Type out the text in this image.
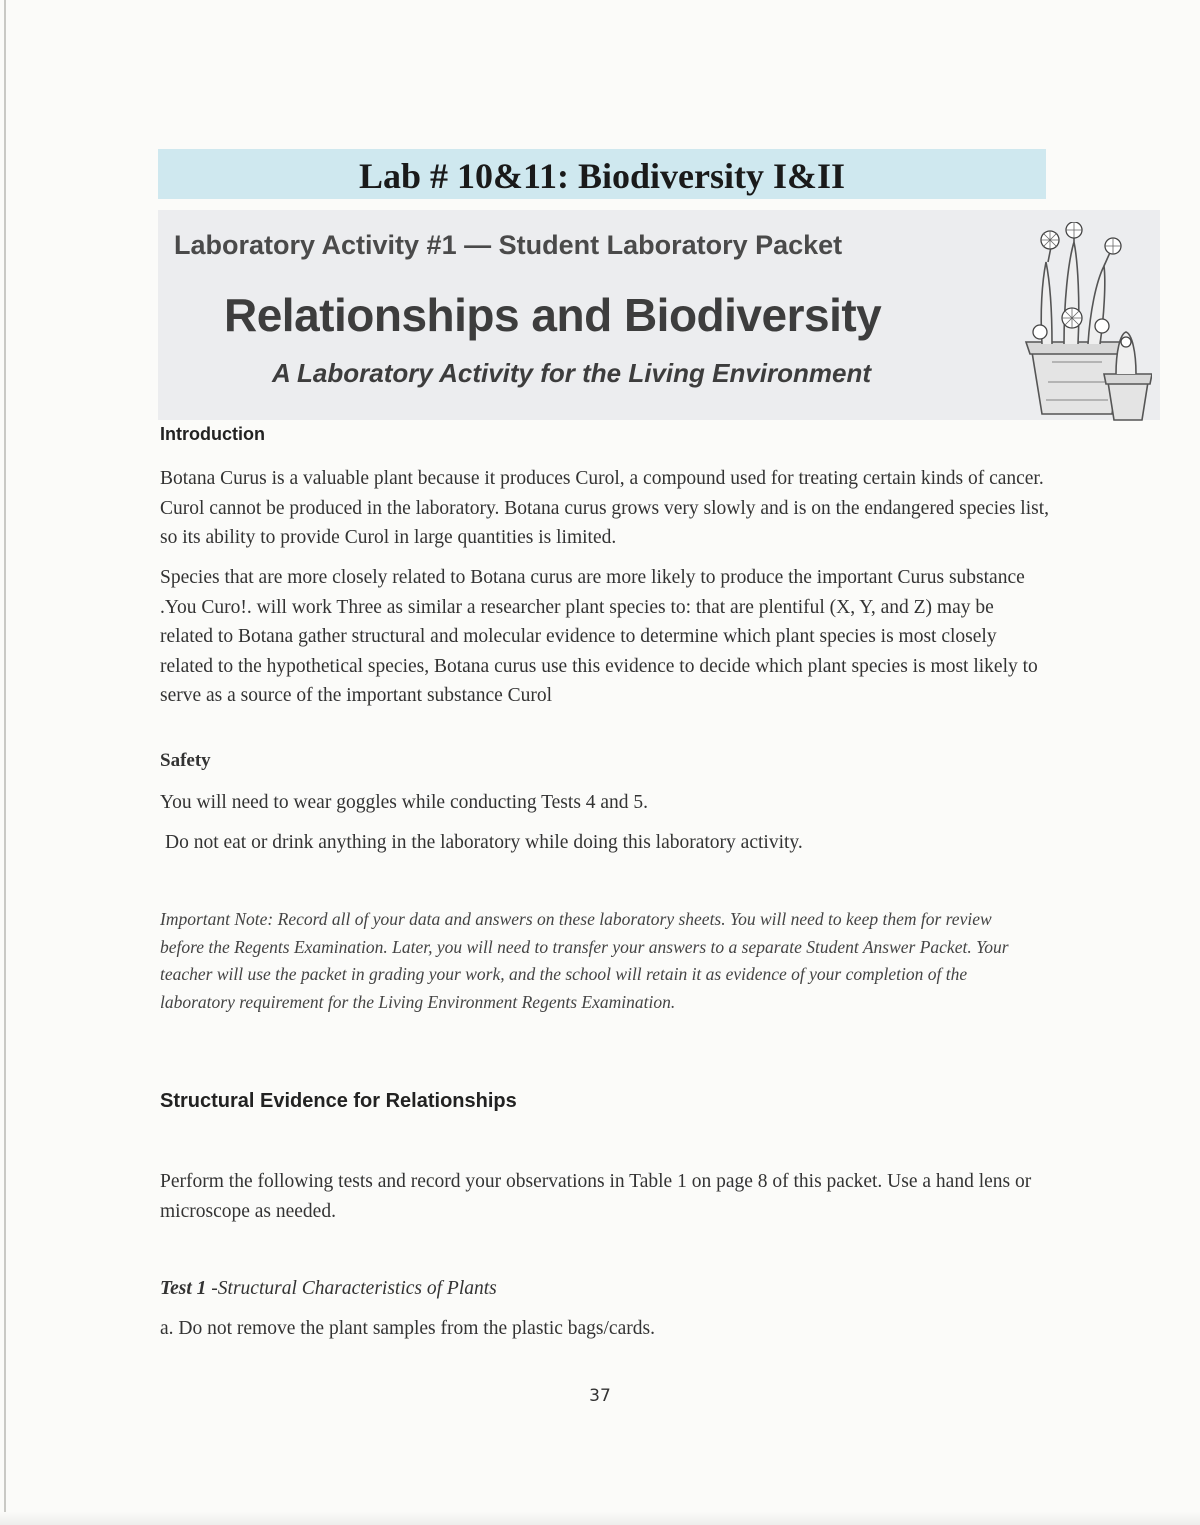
Lab # 10&11: Biodiversity I&II

Laboratory Activity #1 — Student Laboratory Packet

Relationships and Biodiversity

A Laboratory Activity for the Living Environment

Introduction

Botana Curus is a valuable plant because it produces Curol, a compound used for treating certain kinds of cancer. Curol cannot be produced in the laboratory. Botana curus grows very slowly and is on the endangered species list, so its ability to provide Curol in large quantities is limited.

Species that are more closely related to Botana curus are more likely to produce the important Curus substance .You Curo!. will work Three as similar a researcher plant species to: that are plentiful (X, Y, and Z) may be related to Botana gather structural and molecular evidence to determine which plant species is most closely related to the hypothetical species, Botana curus use this evidence to decide which plant species is most likely to serve as a source of the important substance Curol

Safety

You will need to wear goggles while conducting Tests 4 and 5.

Do not eat or drink anything in the laboratory while doing this laboratory activity.

Important Note: Record all of your data and answers on these laboratory sheets. You will need to keep them for review before the Regents Examination. Later, you will need to transfer your answers to a separate Student Answer Packet. Your teacher will use the packet in grading your work, and the school will retain it as evidence of your completion of the laboratory requirement for the Living Environment Regents Examination.

Structural Evidence for Relationships

Perform the following tests and record your observations in Table 1 on page 8 of this packet. Use a hand lens or microscope as needed.

Test 1 -Structural Characteristics of Plants

a. Do not remove the plant samples from the plastic bags/cards.

37
